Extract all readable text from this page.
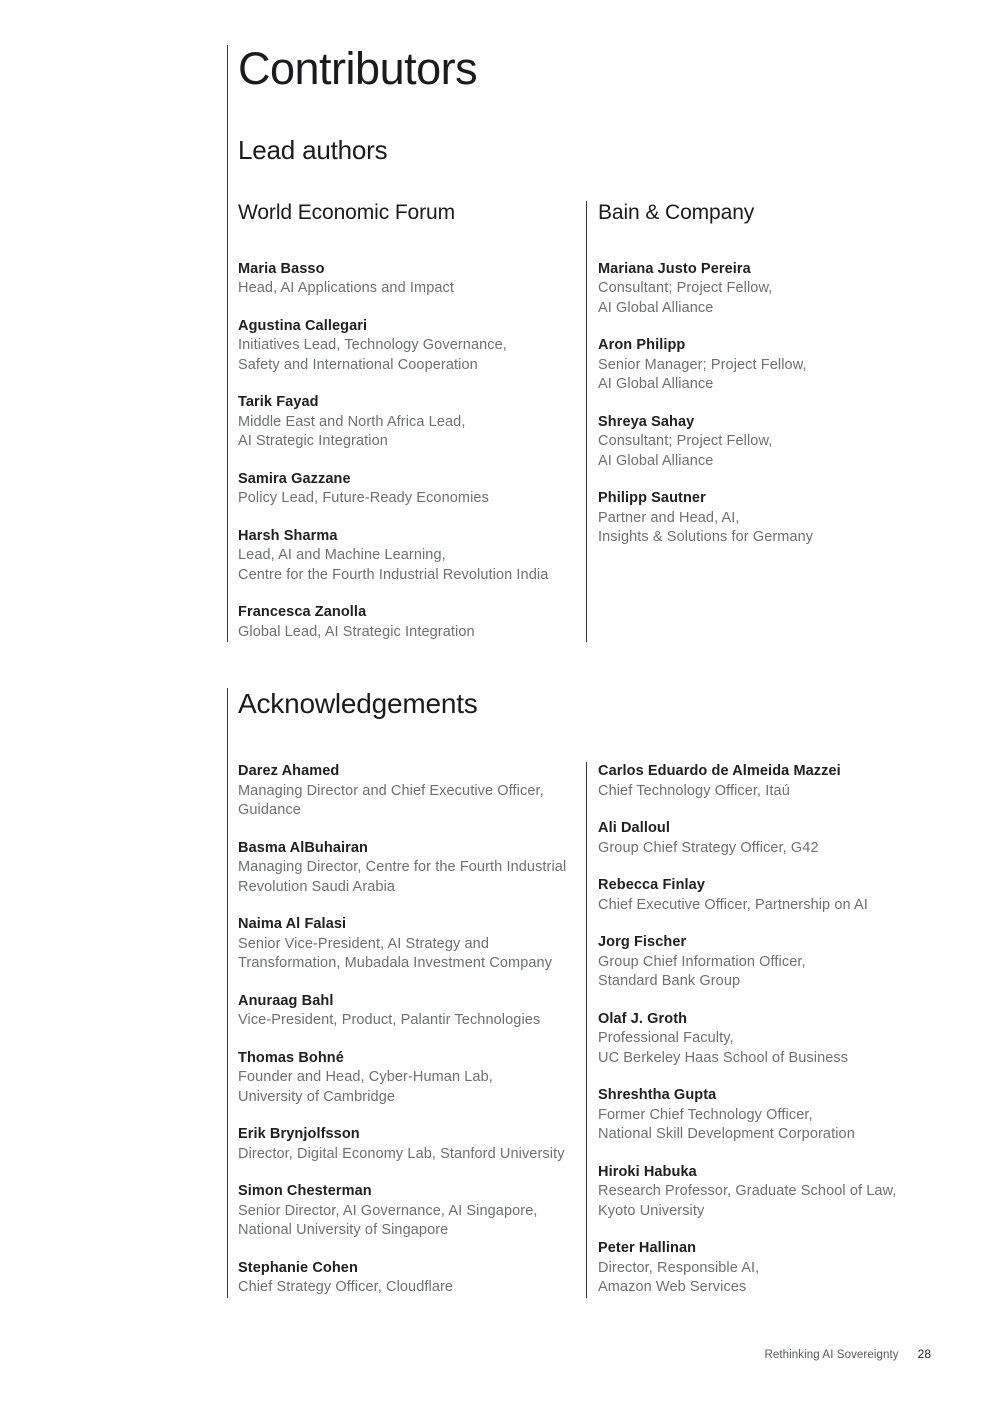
Contributors
Lead authors
World Economic Forum
Maria Basso
Head, AI Applications and Impact
Agustina Callegari
Initiatives Lead, Technology Governance,
Safety and International Cooperation
Tarik Fayad
Middle East and North Africa Lead,
AI Strategic Integration
Samira Gazzane
Policy Lead, Future-Ready Economies
Harsh Sharma
Lead, AI and Machine Learning,
Centre for the Fourth Industrial Revolution India
Francesca Zanolla
Global Lead, AI Strategic Integration
Bain & Company
Mariana Justo Pereira
Consultant; Project Fellow,
AI Global Alliance
Aron Philipp
Senior Manager; Project Fellow,
AI Global Alliance
Shreya Sahay
Consultant; Project Fellow,
AI Global Alliance
Philipp Sautner
Partner and Head, AI,
Insights & Solutions for Germany
Acknowledgements
Darez Ahamed
Managing Director and Chief Executive Officer,
Guidance
Basma AlBuhairan
Managing Director, Centre for the Fourth Industrial
Revolution Saudi Arabia
Naima Al Falasi
Senior Vice-President, AI Strategy and
Transformation, Mubadala Investment Company
Anuraag Bahl
Vice-President, Product, Palantir Technologies
Thomas Bohné
Founder and Head, Cyber-Human Lab,
University of Cambridge
Erik Brynjolfsson
Director, Digital Economy Lab, Stanford University
Simon Chesterman
Senior Director, AI Governance, AI Singapore,
National University of Singapore
Stephanie Cohen
Chief Strategy Officer, Cloudflare
Carlos Eduardo de Almeida Mazzei
Chief Technology Officer, Itaú
Ali Dalloul
Group Chief Strategy Officer, G42
Rebecca Finlay
Chief Executive Officer, Partnership on AI
Jorg Fischer
Group Chief Information Officer,
Standard Bank Group
Olaf J. Groth
Professional Faculty,
UC Berkeley Haas School of Business
Shreshtha Gupta
Former Chief Technology Officer,
National Skill Development Corporation
Hiroki Habuka
Research Professor, Graduate School of Law,
Kyoto University
Peter Hallinan
Director, Responsible AI,
Amazon Web Services
Rethinking AI Sovereignty 28
